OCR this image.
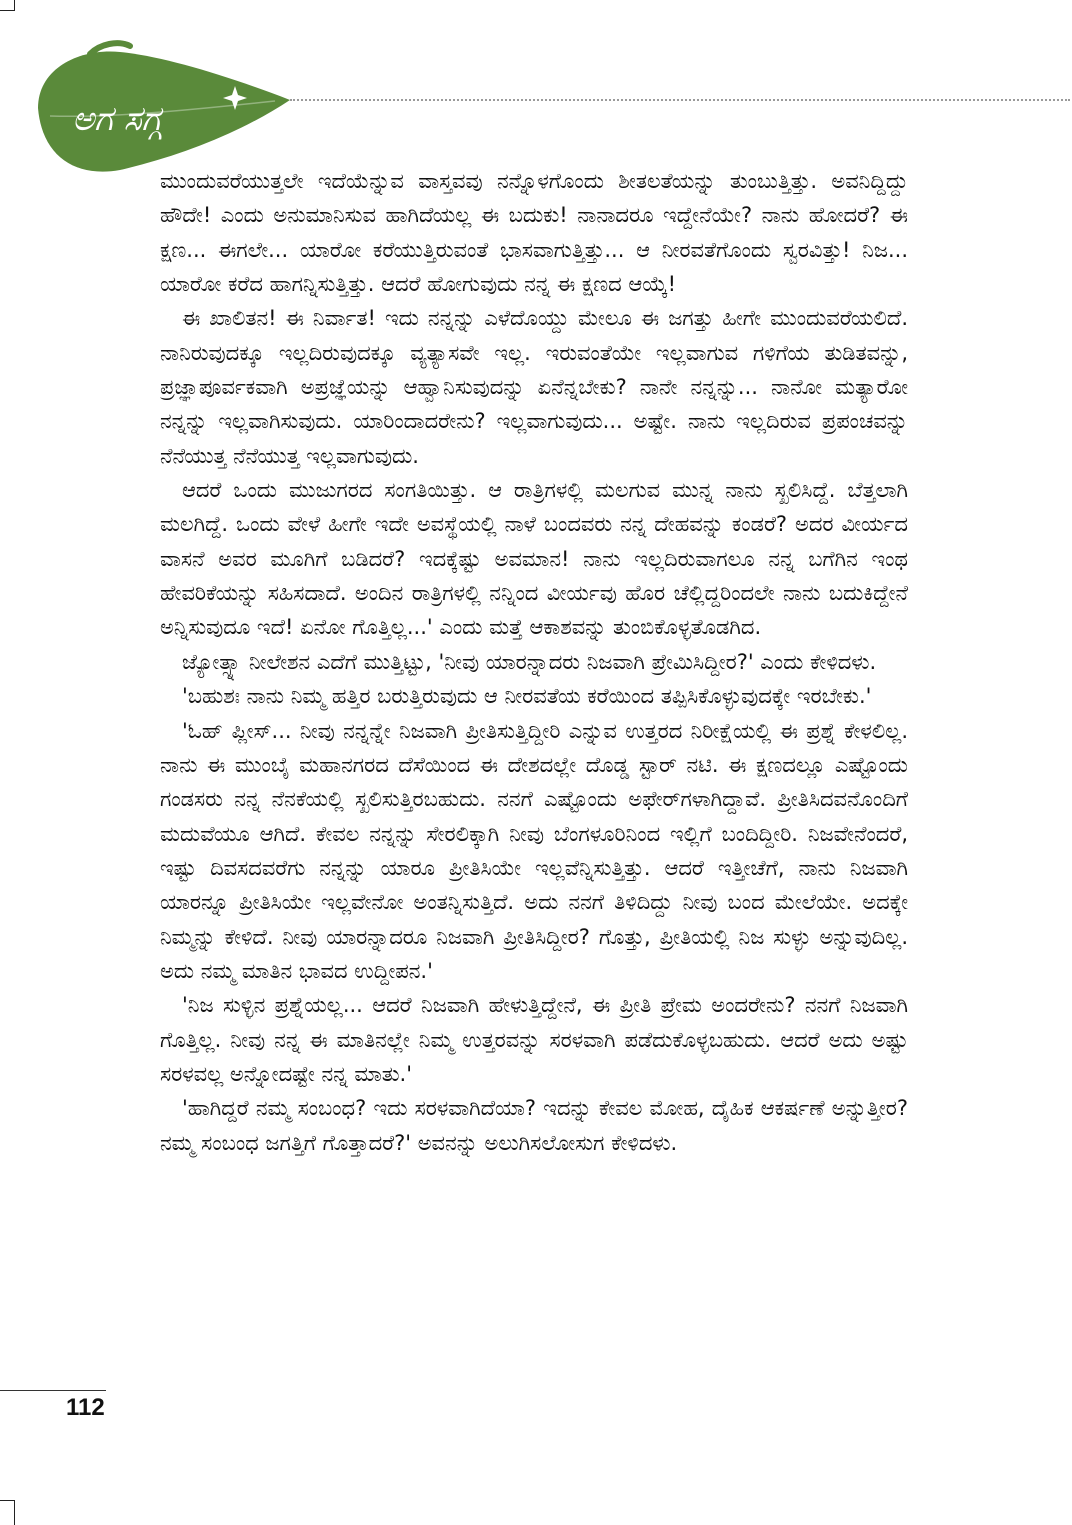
ಅಗ ಸಗ್ಗ

ಮುಂದುವರೆಯುತ್ತಲೇ ಇದೆಯೆನ್ನುವ ವಾಸ್ತವವು ನನ್ನೊಳಗೊಂದು ಶೀತಲತೆಯನ್ನು ತುಂಬುತ್ತಿತ್ತು. ಅವನಿದ್ದಿದ್ದು ಹೌದೇ! ಎಂದು ಅನುಮಾನಿಸುವ ಹಾಗಿದೆಯಲ್ಲ ಈ ಬದುಕು! ನಾನಾದರೂ ಇದ್ದೇನೆಯೇ? ನಾನು ಹೋದರೆ? ಈ ಕ್ಷಣ... ಈಗಲೇ... ಯಾರೋ ಕರೆಯುತ್ತಿರುವಂತೆ ಭಾಸವಾಗುತ್ತಿತ್ತು... ಆ ನೀರವತೆಗೊಂದು ಸ್ವರವಿತ್ತು! ನಿಜ... ಯಾರೋ ಕರೆದ ಹಾಗನ್ನಿಸುತ್ತಿತ್ತು. ಆದರೆ ಹೋಗುವುದು ನನ್ನ ಈ ಕ್ಷಣದ ಆಯ್ಕೆ!

ಈ ಖಾಲಿತನ! ಈ ನಿರ್ವಾತ! ಇದು ನನ್ನನ್ನು ಎಳೆದೊಯ್ದು ಮೇಲೂ ಈ ಜಗತ್ತು ಹೀಗೇ ಮುಂದುವರೆಯಲಿದೆ. ನಾನಿರುವುದಕ್ಕೂ ಇಲ್ಲದಿರುವುದಕ್ಕೂ ವ್ಯತ್ಯಾಸವೇ ಇಲ್ಲ. ಇರುವಂತೆಯೇ ಇಲ್ಲವಾಗುವ ಗಳಿಗೆಯ ತುಡಿತವನ್ನು, ಪ್ರಜ್ಞಾಪೂರ್ವಕವಾಗಿ ಅಪ್ರಜ್ಞೆಯನ್ನು ಆಹ್ವಾನಿಸುವುದನ್ನು ಏನೆನ್ನಬೇಕು? ನಾನೇ ನನ್ನನ್ನು... ನಾನೋ ಮತ್ಯಾರೋ ನನ್ನನ್ನು ಇಲ್ಲವಾಗಿಸುವುದು. ಯಾರಿಂದಾದರೇನು? ಇಲ್ಲವಾಗುವುದು... ಅಷ್ಟೇ. ನಾನು ಇಲ್ಲದಿರುವ ಪ್ರಪಂಚವನ್ನು ನೆನೆಯುತ್ತ ನೆನೆಯುತ್ತ ಇಲ್ಲವಾಗುವುದು.

ಆದರೆ ಒಂದು ಮುಜುಗರದ ಸಂಗತಿಯಿತ್ತು. ಆ ರಾತ್ರಿಗಳಲ್ಲಿ ಮಲಗುವ ಮುನ್ನ ನಾನು ಸ್ಖಲಿಸಿದ್ದೆ. ಬೆತ್ತಲಾಗಿ ಮಲಗಿದ್ದೆ. ಒಂದು ವೇಳೆ ಹೀಗೇ ಇದೇ ಅವಸ್ಥೆಯಲ್ಲಿ ನಾಳೆ ಬಂದವರು ನನ್ನ ದೇಹವನ್ನು ಕಂಡರೆ? ಅದರ ವೀರ್ಯದ ವಾಸನೆ ಅವರ ಮೂಗಿಗೆ ಬಡಿದರೆ? ಇದಕ್ಕೆಷ್ಟು ಅವಮಾನ! ನಾನು ಇಲ್ಲದಿರುವಾಗಲೂ ನನ್ನ ಬಗೆಗಿನ ಇಂಥ ಹೇವರಿಕೆಯನ್ನು ಸಹಿಸದಾದೆ. ಅಂದಿನ ರಾತ್ರಿಗಳಲ್ಲಿ ನನ್ನಿಂದ ವೀರ್ಯವು ಹೊರ ಚೆಲ್ಲಿದ್ದರಿಂದಲೇ ನಾನು ಬದುಕಿದ್ದೇನೆ ಅನ್ನಿಸುವುದೂ ಇದೆ! ಏನೋ ಗೊತ್ತಿಲ್ಲ...' ಎಂದು ಮತ್ತೆ ಆಕಾಶವನ್ನು ತುಂಬಿಕೊಳ್ಳತೊಡಗಿದ.

ಜ್ಯೋತ್ಸ್ನಾ ನೀಲೇಶನ ಎದೆಗೆ ಮುತ್ತಿಟ್ಟು, 'ನೀವು ಯಾರನ್ನಾದರು ನಿಜವಾಗಿ ಪ್ರೇಮಿಸಿದ್ದೀರ?' ಎಂದು ಕೇಳಿದಳು.

'ಬಹುಶಃ ನಾನು ನಿಮ್ಮ ಹತ್ತಿರ ಬರುತ್ತಿರುವುದು ಆ ನೀರವತೆಯ ಕರೆಯಿಂದ ತಪ್ಪಿಸಿಕೊಳ್ಳುವುದಕ್ಕೇ ಇರಬೇಕು.'

'ಓಹ್ ಪ್ಲೀಸ್... ನೀವು ನನ್ನನ್ನೇ ನಿಜವಾಗಿ ಪ್ರೀತಿಸುತ್ತಿದ್ದೀರಿ ಎನ್ನುವ ಉತ್ತರದ ನಿರೀಕ್ಷೆಯಲ್ಲಿ ಈ ಪ್ರಶ್ನೆ ಕೇಳಲಿಲ್ಲ. ನಾನು ಈ ಮುಂಬೈ ಮಹಾನಗರದ ದೆಸೆಯಿಂದ ಈ ದೇಶದಲ್ಲೇ ದೊಡ್ಡ ಸ್ಟಾರ್ ನಟಿ. ಈ ಕ್ಷಣದಲ್ಲೂ ಎಷ್ಟೊಂದು ಗಂಡಸರು ನನ್ನ ನೆನಕೆಯಲ್ಲಿ ಸ್ಖಲಿಸುತ್ತಿರಬಹುದು. ನನಗೆ ಎಷ್ಟೊಂದು ಅಫೇರ್‌ಗಳಾಗಿದ್ದಾವೆ. ಪ್ರೀತಿಸಿದವನೊಂದಿಗೆ ಮದುವೆಯೂ ಆಗಿದೆ. ಕೇವಲ ನನ್ನನ್ನು ಸೇರಲಿಕ್ಕಾಗಿ ನೀವು ಬೆಂಗಳೂರಿನಿಂದ ಇಲ್ಲಿಗೆ ಬಂದಿದ್ದೀರಿ. ನಿಜವೇನೆಂದರೆ, ಇಷ್ಟು ದಿವಸದವರೆಗು ನನ್ನನ್ನು ಯಾರೂ ಪ್ರೀತಿಸಿಯೇ ಇಲ್ಲವೆನ್ನಿಸುತ್ತಿತ್ತು. ಆದರೆ ಇತ್ತೀಚೆಗೆ, ನಾನು ನಿಜವಾಗಿ ಯಾರನ್ನೂ ಪ್ರೀತಿಸಿಯೇ ಇಲ್ಲವೇನೋ ಅಂತನ್ನಿಸುತ್ತಿದೆ. ಅದು ನನಗೆ ತಿಳಿದಿದ್ದು ನೀವು ಬಂದ ಮೇಲೆಯೇ. ಅದಕ್ಕೇ ನಿಮ್ಮನ್ನು ಕೇಳಿದೆ. ನೀವು ಯಾರನ್ನಾದರೂ ನಿಜವಾಗಿ ಪ್ರೀತಿಸಿದ್ದೀರ? ಗೊತ್ತು, ಪ್ರೀತಿಯಲ್ಲಿ ನಿಜ ಸುಳ್ಳು ಅನ್ನುವುದಿಲ್ಲ. ಅದು ನಮ್ಮ ಮಾತಿನ ಭಾವದ ಉದ್ದೀಪನ.'

'ನಿಜ ಸುಳ್ಳಿನ ಪ್ರಶ್ನೆಯಲ್ಲ... ಆದರೆ ನಿಜವಾಗಿ ಹೇಳುತ್ತಿದ್ದೇನೆ, ಈ ಪ್ರೀತಿ ಪ್ರೇಮ ಅಂದರೇನು? ನನಗೆ ನಿಜವಾಗಿ ಗೊತ್ತಿಲ್ಲ. ನೀವು ನನ್ನ ಈ ಮಾತಿನಲ್ಲೇ ನಿಮ್ಮ ಉತ್ತರವನ್ನು ಸರಳವಾಗಿ ಪಡೆದುಕೊಳ್ಳಬಹುದು. ಆದರೆ ಅದು ಅಷ್ಟು ಸರಳವಲ್ಲ ಅನ್ನೋದಷ್ಟೇ ನನ್ನ ಮಾತು.'

'ಹಾಗಿದ್ದರೆ ನಮ್ಮ ಸಂಬಂಧ? ಇದು ಸರಳವಾಗಿದೆಯಾ? ಇದನ್ನು ಕೇವಲ ಮೋಹ, ದೈಹಿಕ ಆಕರ್ಷಣೆ ಅನ್ನುತ್ತೀರ? ನಮ್ಮ ಸಂಬಂಧ ಜಗತ್ತಿಗೆ ಗೊತ್ತಾದರೆ?' ಅವನನ್ನು ಅಲುಗಿಸಲೋಸುಗ ಕೇಳಿದಳು.

112
